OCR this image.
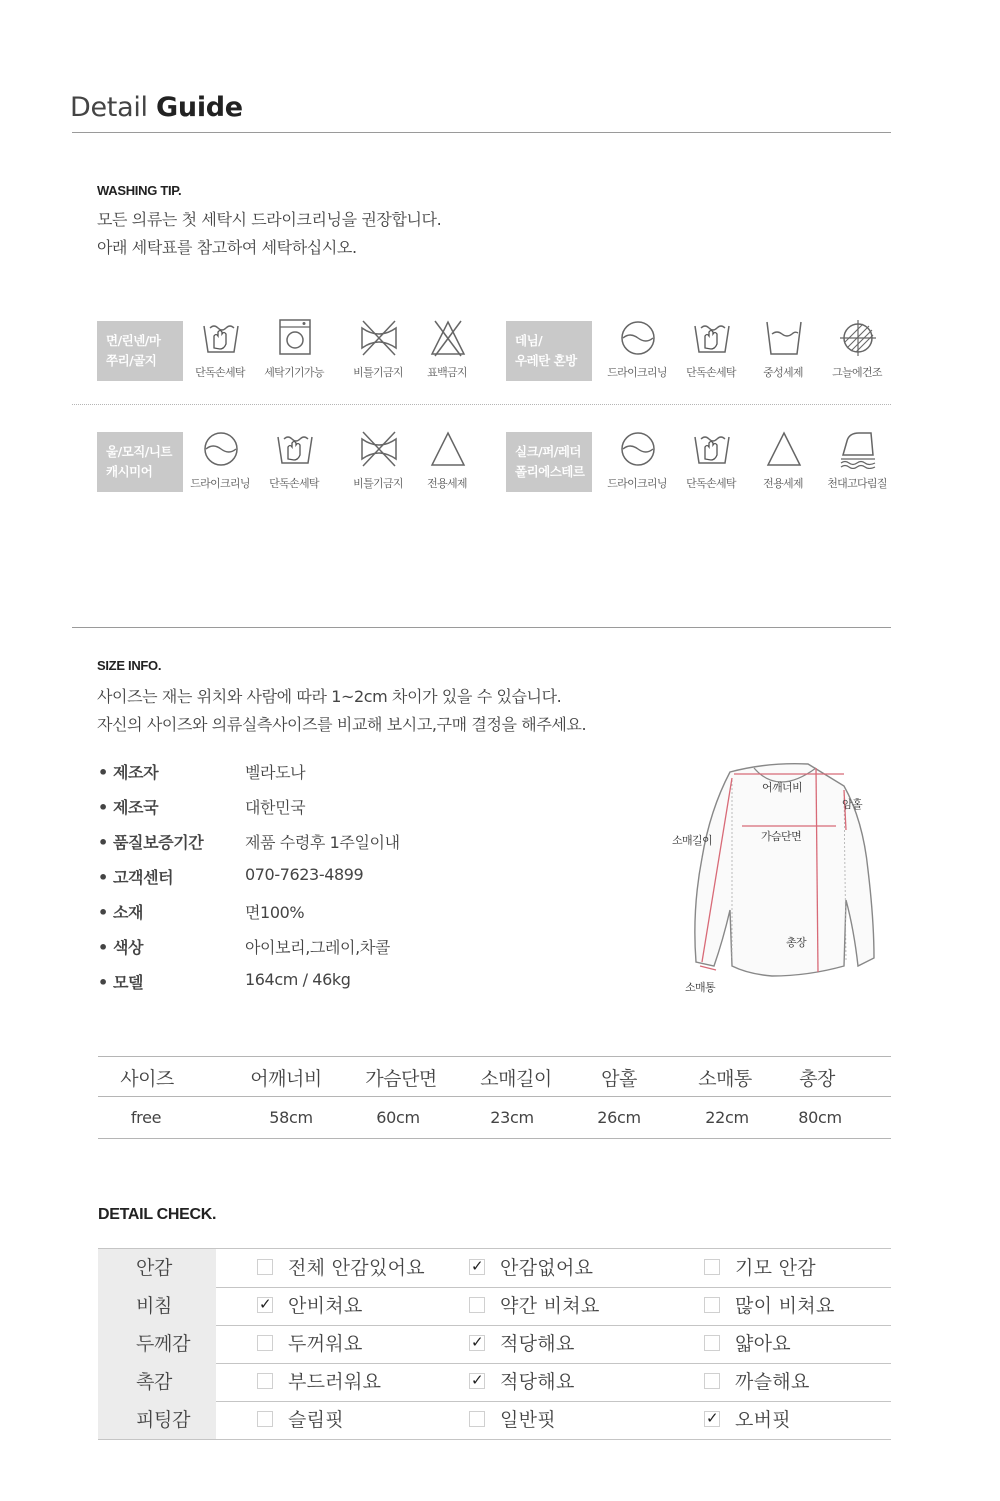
Detail Guide
WASHING TIP.
모든 의류는 첫 세탁시 드라이크리닝을 권장합니다.
아래 세탁표를 참고하여 세탁하십시오.
면/린넨/마
쭈리/골지
단독손세탁	세탁기기가능	비틀기금지	표백금지
데님/
우레탄 혼방
드라이크리닝	단독손세탁	중성세제	그늘에건조
울/모직/니트
캐시미어
드라이크리닝	단독손세탁	비틀기금지	전용세제
실크/퍼/레더
폴리에스테르
드라이크리닝	단독손세탁	전용세제	천대고다림질
SIZE INFO.
사이즈는 재는 위치와 사람에 따라 1~2cm 차이가 있을 수 있습니다.
자신의 사이즈와 의류실측사이즈를 비교해 보시고,구매 결정을 해주세요.
• 제조자	벨라도나
• 제조국	대한민국
• 품질보증기간	제품 수령후 1주일이내
• 고객센터	070-7623-4899
• 소재	면100%
• 색상	아이보리,그레이,차콜
• 모델	164cm / 46kg
어깨너비
암홀
소매길이	가슴단면
총장
소매통
사이즈	어깨너비	가슴단면	소매길이	암홀	소매통	총장
free	58cm	60cm	23cm	26cm	22cm	80cm
DETAIL CHECK.
안감	전체 안감있어요	✓ 안감없어요	기모 안감
비침	✓ 안비쳐요	약간 비쳐요	많이 비쳐요
두께감	두꺼워요	✓ 적당해요	얇아요
촉감	부드러워요	✓ 적당해요	까슬해요
피팅감	슬림핏	일반핏	✓ 오버핏
